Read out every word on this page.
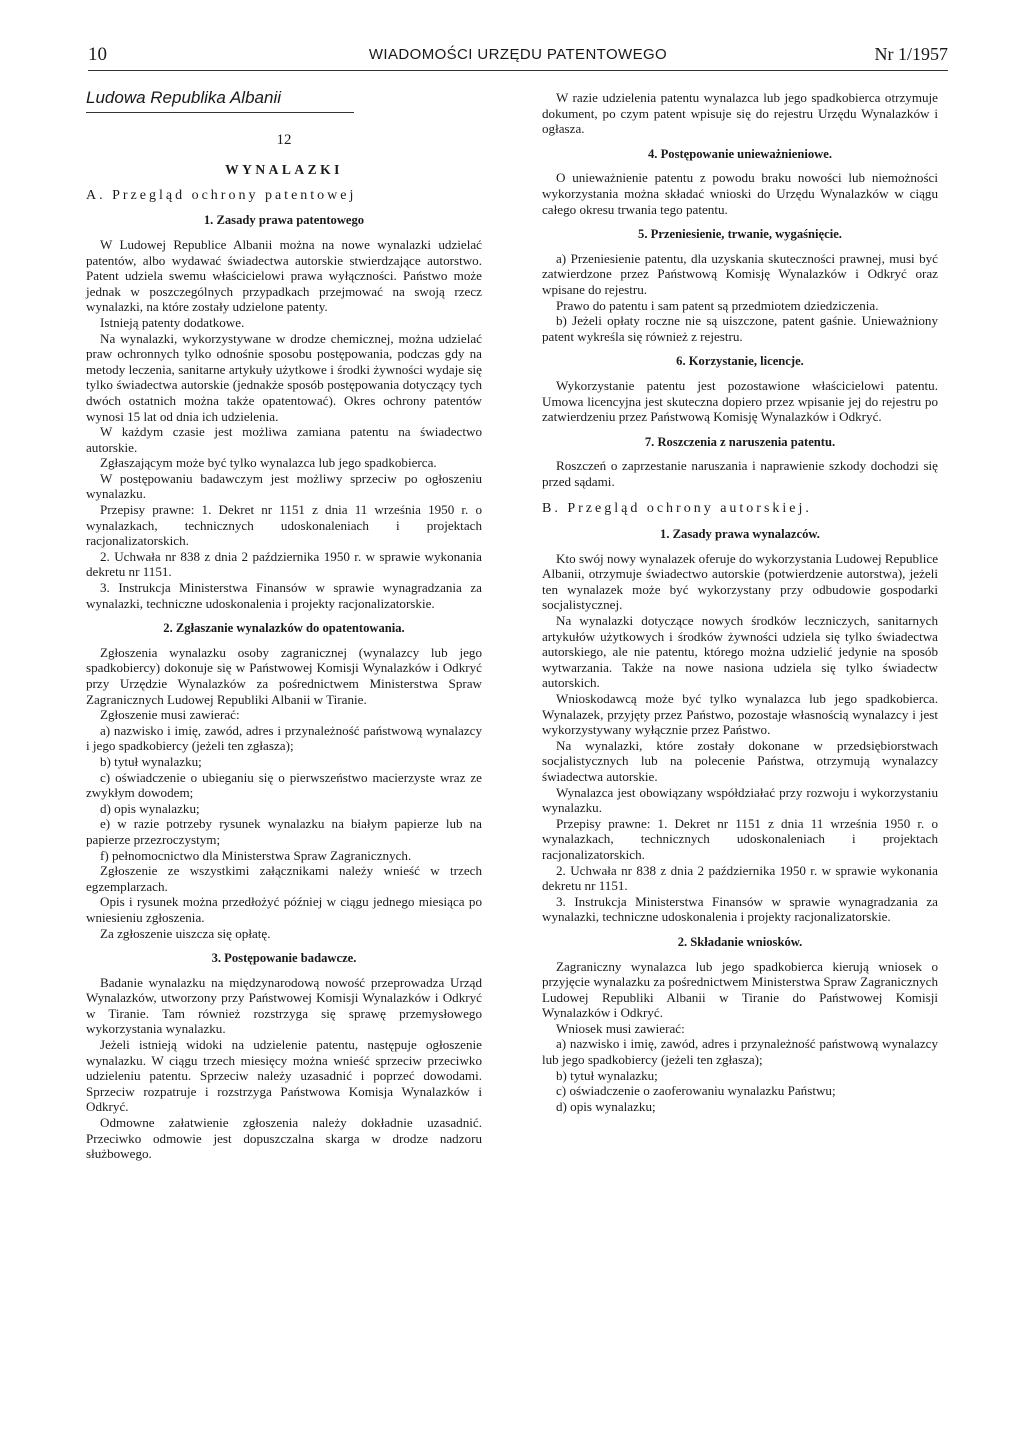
10	WIADOMOŚCI URZĘDU PATENTOWEGO	Nr 1/1957
Ludowa Republika Albanii
12
WYNALAZKI
A. Przegląd ochrony patentowej
1. Zasady prawa patentowego

W Ludowej Republice Albanii można na nowe wynalazki udzielać patentów, albo wydawać świadectwa autorskie stwierdzające autorstwo. Patent udziela swemu właścicielowi prawa wyłączności. Państwo może jednak w poszczególnych przypadkach przejmować na swoją rzecz wynalazki, na które zostały udzielone patenty.

Istnieją patenty dodatkowe.

Na wynalazki, wykorzystywane w drodze chemicznej, można udzielać praw ochronnych tylko odnośnie sposobu postępowania, podczas gdy na metody leczenia, sanitarne artykuły użytkowe i środki żywności wydaje się tylko świadectwa autorskie (jednakże sposób postępowania dotyczący tych dwóch ostatnich można także opatentować). Okres ochrony patentów wynosi 15 lat od dnia ich udzielenia.

W każdym czasie jest możliwa zamiana patentu na świadectwo autorskie.

Zgłaszającym może być tylko wynalazca lub jego spadkobierca.

W postępowaniu badawczym jest możliwy sprzeciw po ogłoszeniu wynalazku.

Przepisy prawne: 1. Dekret nr 1151 z dnia 11 września 1950 r. o wynalazkach, technicznych udoskonaleniach i projektach racjonalizatorskich.

2. Uchwała nr 838 z dnia 2 października 1950 r. w sprawie wykonania dekretu nr 1151.

3. Instrukcja Ministerstwa Finansów w sprawie wynagradzania za wynalazki, techniczne udoskonalenia i projekty racjonalizatorskie.

2. Zgłaszanie wynalazków do opatentowania.

Zgłoszenia wynalazku osoby zagranicznej (wynalazcy lub jego spadkobiercy) dokonuje się w Państwowej Komisji Wynalazków i Odkryć przy Urzędzie Wynalazków za pośrednictwem Ministerstwa Spraw Zagranicznych Ludowej Republiki Albanii w Tiranie.

Zgłoszenie musi zawierać:

a) nazwisko i imię, zawód, adres i przynależność państwową wynalazcy i jego spadkobiercy (jeżeli ten zgłasza);

b) tytuł wynalazku;

c) oświadczenie o ubieganiu się o pierwszeństwo macierzyste wraz ze zwykłym dowodem;

d) opis wynalazku;

e) w razie potrzeby rysunek wynalazku na białym papierze lub na papierze przezroczystym;

f) pełnomocnictwo dla Ministerstwa Spraw Zagranicznych.

Zgłoszenie ze wszystkimi załącznikami należy wnieść w trzech egzemplarzach.

Opis i rysunek można przedłożyć później w ciągu jednego miesiąca po wniesieniu zgłoszenia.

Za zgłoszenie uiszcza się opłatę.

3. Postępowanie badawcze.

Badanie wynalazku na międzynarodową nowość przeprowadza Urząd Wynalazków, utworzony przy Państwowej Komisji Wynalazków i Odkryć w Tiranie. Tam również rozstrzyga się sprawę przemysłowego wykorzystania wynalazku.

Jeżeli istnieją widoki na udzielenie patentu, następuje ogłoszenie wynalazku. W ciągu trzech miesięcy można wnieść sprzeciw przeciwko udzieleniu patentu. Sprzeciw należy uzasadnić i poprzeć dowodami. Sprzeciw rozpatruje i rozstrzyga Państwowa Komisja Wynalazków i Odkryć.

Odmowne załatwienie zgłoszenia należy dokładnie uzasadnić. Przeciwko odmowie jest dopuszczalna skarga w drodze nadzoru służbowego.

W razie udzielenia patentu wynalazca lub jego spadkobierca otrzymuje dokument, po czym patent wpisuje się do rejestru Urzędu Wynalazków i ogłasza.

4. Postępowanie unieważnieniowe.

O unieważnienie patentu z powodu braku nowości lub niemożności wykorzystania można składać wnioski do Urzędu Wynalazków w ciągu całego okresu trwania tego patentu.

5. Przeniesienie, trwanie, wygaśnięcie.

a) Przeniesienie patentu, dla uzyskania skuteczności prawnej, musi być zatwierdzone przez Państwową Komisję Wynalazków i Odkryć oraz wpisane do rejestru.

Prawo do patentu i sam patent są przedmiotem dziedziczenia.

b) Jeżeli opłaty roczne nie są uiszczone, patent gaśnie. Unieważniony patent wykreśla się również z rejestru.

6. Korzystanie, licencje.

Wykorzystanie patentu jest pozostawione właścicielowi patentu. Umowa licencyjna jest skuteczna dopiero przez wpisanie jej do rejestru po zatwierdzeniu przez Państwową Komisję Wynalazków i Odkryć.

7. Roszczenia z naruszenia patentu.

Roszczeń o zaprzestanie naruszania i naprawienie szkody dochodzi się przed sądami.

B. Przegląd ochrony autorskiej.
1. Zasady prawa wynalazców.

Kto swój nowy wynalazek oferuje do wykorzystania Ludowej Republice Albanii, otrzymuje świadectwo autorskie (potwierdzenie autorstwa), jeżeli ten wynalazek może być wykorzystany przy odbudowie gospodarki socjalistycznej.

Na wynalazki dotyczące nowych środków leczniczych, sanitarnych artykułów użytkowych i środków żywności udziela się tylko świadectwa autorskiego, ale nie patentu, którego można udzielić jedynie na sposób wytwarzania. Także na nowe nasiona udziela się tylko świadectw autorskich.

Wnioskodawcą może być tylko wynalazca lub jego spadkobierca. Wynalazek, przyjęty przez Państwo, pozostaje własnością wynalazcy i jest wykorzystywany wyłącznie przez Państwo.

Na wynalazki, które zostały dokonane w przedsiębiorstwach socjalistycznych lub na polecenie Państwa, otrzymują wynalazcy świadectwa autorskie.

Wynalazca jest obowiązany współdziałać przy rozwoju i wykorzystaniu wynalazku.

Przepisy prawne: 1. Dekret nr 1151 z dnia 11 września 1950 r. o wynalazkach, technicznych udoskonaleniach i projektach racjonalizatorskich.

2. Uchwała nr 838 z dnia 2 października 1950 r. w sprawie wykonania dekretu nr 1151.

3. Instrukcja Ministerstwa Finansów w sprawie wynagradzania za wynalazki, techniczne udoskonalenia i projekty racjonalizatorskie.

2. Składanie wniosków.

Zagraniczny wynalazca lub jego spadkobierca kierują wniosek o przyjęcie wynalazku za pośrednictwem Ministerstwa Spraw Zagranicznych Ludowej Republiki Albanii w Tiranie do Państwowej Komisji Wynalazków i Odkryć.

Wniosek musi zawierać:

a) nazwisko i imię, zawód, adres i przynależność państwową wynalazcy lub jego spadkobiercy (jeżeli ten zgłasza);

b) tytuł wynalazku;

c) oświadczenie o zaoferowaniu wynalazku Państwu;

d) opis wynalazku;
